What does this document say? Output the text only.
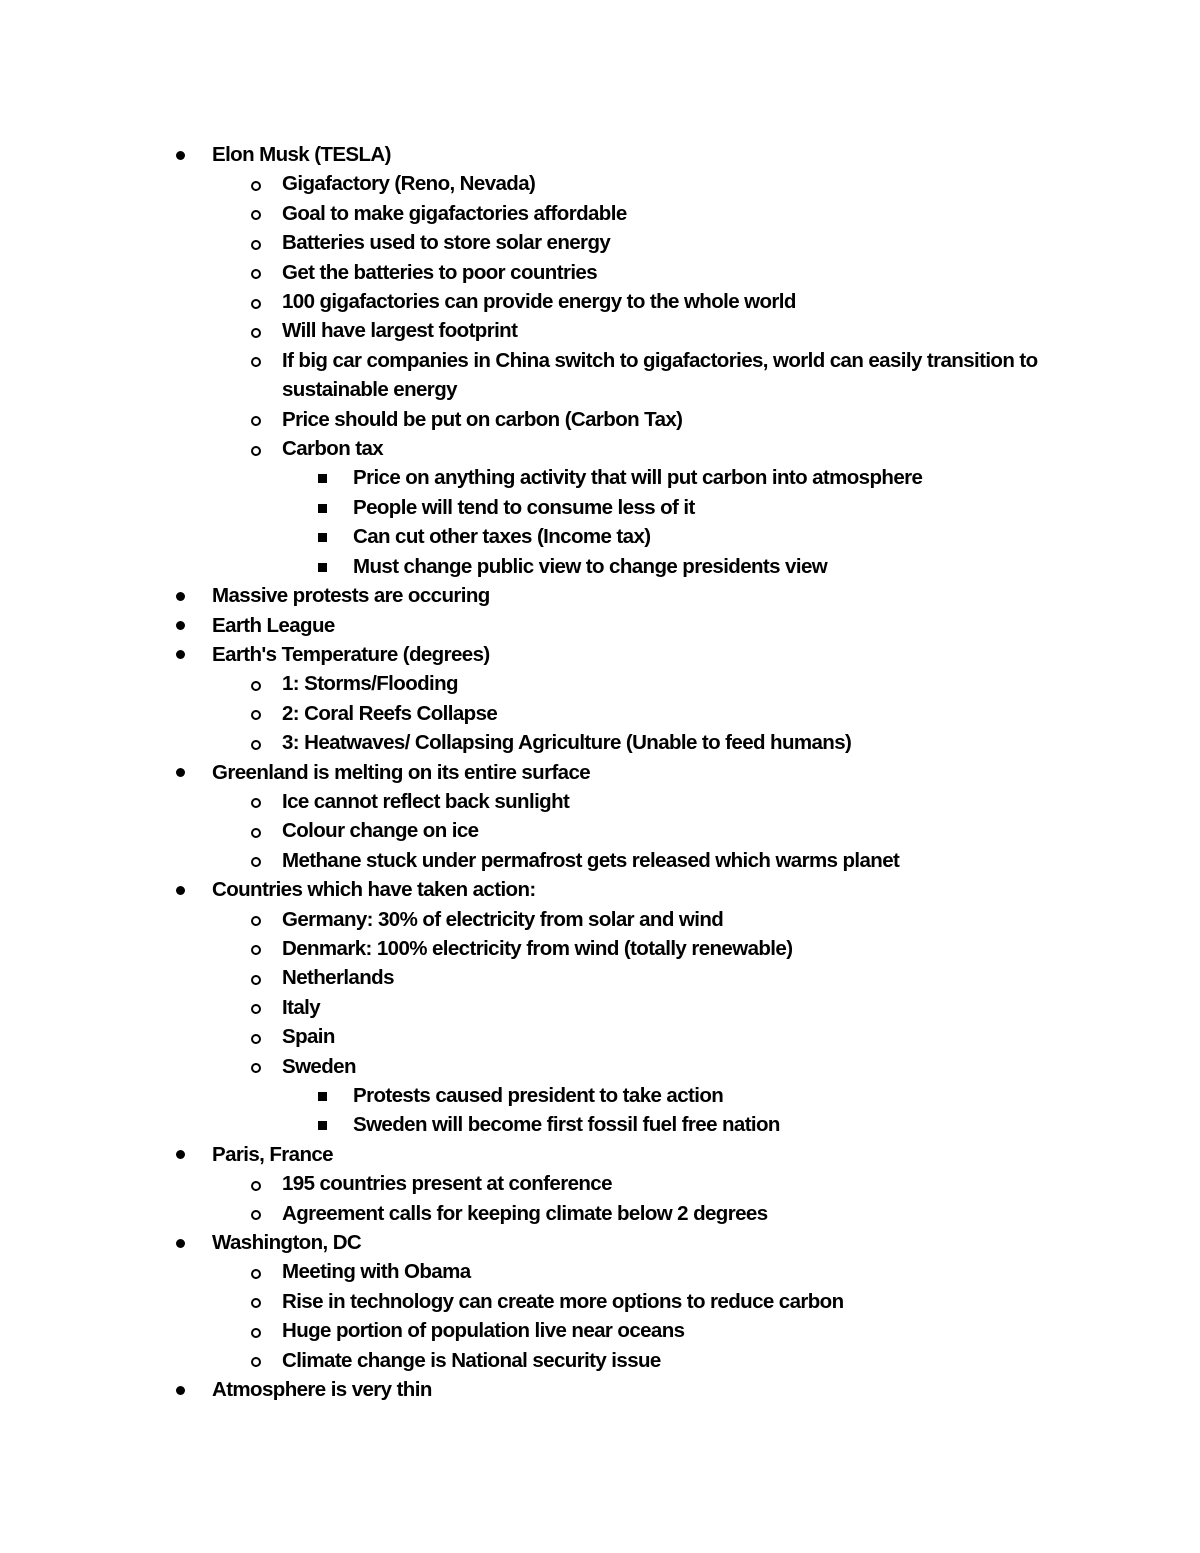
Elon Musk (TESLA)
Gigafactory (Reno, Nevada)
Goal to make gigafactories affordable
Batteries used to store solar energy
Get the batteries to poor countries
100 gigafactories can provide energy to the whole world
Will have largest footprint
If big car companies in China switch to gigafactories, world can easily transition to sustainable energy
Price should be put on carbon (Carbon Tax)
Carbon tax
Price on anything activity that will put carbon into atmosphere
People will tend to consume less of it
Can cut other taxes (Income tax)
Must change public view to change presidents view
Massive protests are occuring
Earth League
Earth's Temperature (degrees)
1: Storms/Flooding
2: Coral Reefs Collapse
3: Heatwaves/ Collapsing Agriculture (Unable to feed humans)
Greenland is melting on its entire surface
Ice cannot reflect back sunlight
Colour change on ice
Methane stuck under permafrost gets released which warms planet
Countries which have taken action:
Germany: 30% of electricity from solar and wind
Denmark: 100% electricity from wind (totally renewable)
Netherlands
Italy
Spain
Sweden
Protests caused president to take action
Sweden will become first fossil fuel free nation
Paris, France
195 countries present at conference
Agreement calls for keeping climate below 2 degrees
Washington, DC
Meeting with Obama
Rise in technology can create more options to reduce carbon
Huge portion of population live near oceans
Climate change is National security issue
Atmosphere is very thin
